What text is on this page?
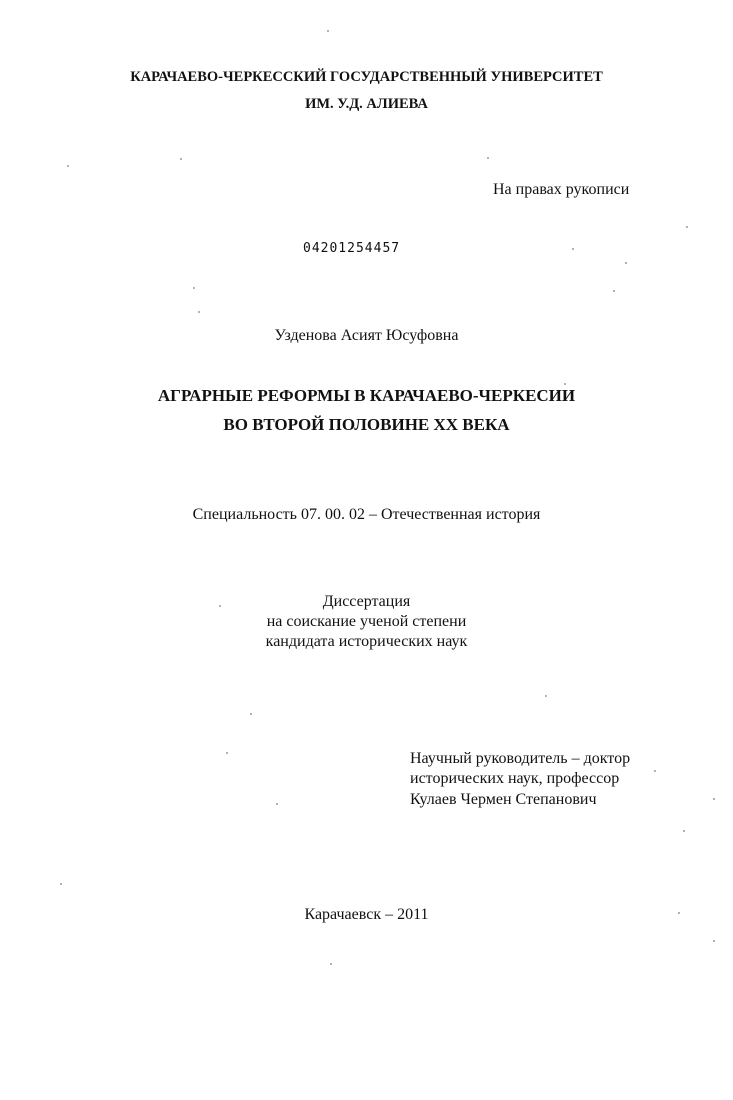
КАРАЧАЕВО-ЧЕРКЕССКИЙ ГОСУДАРСТВЕННЫЙ УНИВЕРСИТЕТ
ИМ. У.Д. АЛИЕВА
На правах рукописи
04201254457
Узденова Асият Юсуфовна
АГРАРНЫЕ РЕФОРМЫ В КАРАЧАЕВО-ЧЕРКЕСИИ
ВО ВТОРОЙ ПОЛОВИНЕ XX ВЕКА
Специальность 07. 00. 02 – Отечественная история
Диссертация
на соискание ученой степени
кандидата исторических наук
Научный руководитель – доктор
исторических наук, профессор
Кулаев Чермен Степанович
Карачаевск – 2011
